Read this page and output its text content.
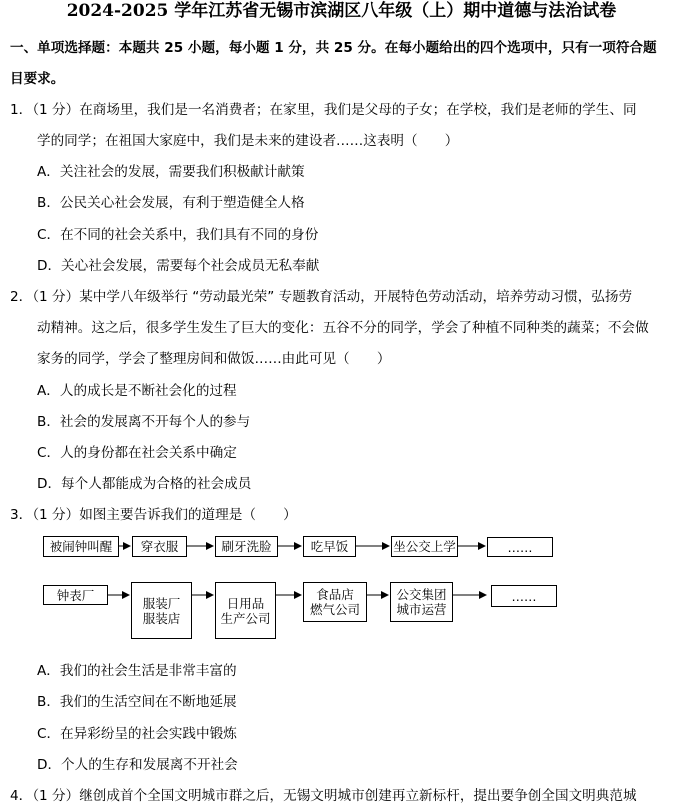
2024-2025 学年江苏省无锡市滨湖区八年级（上）期中道德与法治试卷
一、单项选择题：本题共 25 小题，每小题 1 分，共 25 分。在每小题给出的四个选项中，只有一项符合题
目要求。
1．（1 分）在商场里，我们是一名消费者；在家里，我们是父母的子女；在学校，我们是老师的学生、同
学的同学；在祖国大家庭中，我们是未来的建设者……这表明（　　）
A．关注社会的发展，需要我们积极献计献策
B．公民关心社会发展，有利于塑造健全人格
C．在不同的社会关系中，我们具有不同的身份
D．关心社会发展，需要每个社会成员无私奉献
2．（1 分）某中学八年级举行 “劳动最光荣” 专题教育活动，开展特色劳动活动，培养劳动习惯，弘扬劳
动精神。这之后，很多学生发生了巨大的变化：五谷不分的同学，学会了种植不同种类的蔬菜；不会做
家务的同学，学会了整理房间和做饭……由此可见（　　）
A．人的成长是不断社会化的过程
B．社会的发展离不开每个人的参与
C．人的身份都在社会关系中确定
D．每个人都能成为合格的社会成员
3．（1 分）如图主要告诉我们的道理是（　　）
被闹钟叫醒	穿衣服	刷牙洗脸	吃早饭	坐公交上学	……
钟表厂
服装厂
服装店
日用品
生产公司
食品店
燃气公司
公交集团
城市运营
……
A．我们的社会生活是非常丰富的
B．我们的生活空间在不断地延展
C．在异彩纷呈的社会实践中锻炼
D．个人的生存和发展离不开社会
4．（1 分）继创成首个全国文明城市群之后，无锡文明城市创建再立新标杆，提出要争创全国文明典范城
